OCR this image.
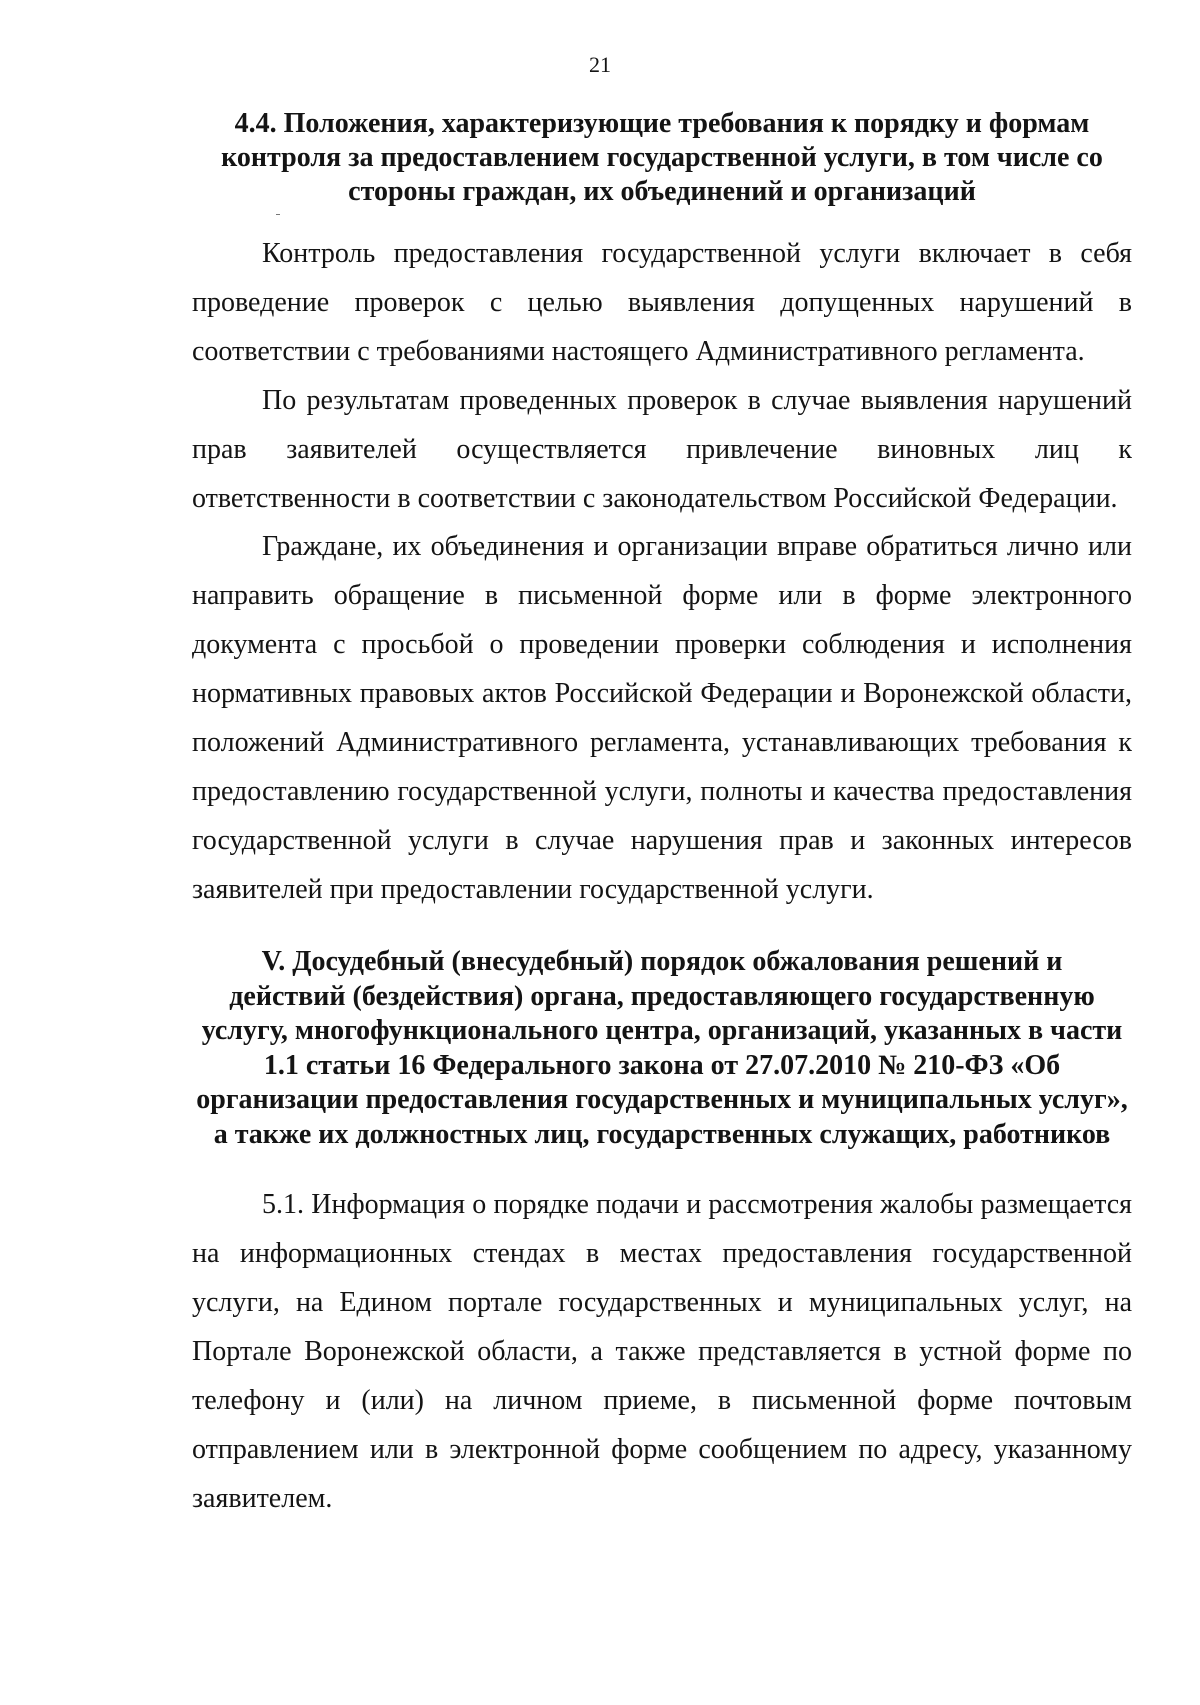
21
4.4. Положения, характеризующие требования к порядку и формам
контроля за предоставлением государственной услуги, в том числе со
стороны граждан, их объединений и организаций

Контроль предоставления государственной услуги включает в себя проведение проверок с целью выявления допущенных нарушений в соответствии с требованиями настоящего Административного регламента.

По результатам проведенных проверок в случае выявления нарушений прав заявителей осуществляется привлечение виновных лиц к ответственности в соответствии с законодательством Российской Федерации.

Граждане, их объединения и организации вправе обратиться лично или направить обращение в письменной форме или в форме электронного документа с просьбой о проведении проверки соблюдения и исполнения нормативных правовых актов Российской Федерации и Воронежской области, положений Административного регламента, устанавливающих требования к предоставлению государственной услуги, полноты и качества предоставления государственной услуги в случае нарушения прав и законных интересов заявителей при предоставлении государственной услуги.

V. Досудебный (внесудебный) порядок обжалования решений и
действий (бездействия) органа, предоставляющего государственную
услугу, многофункционального центра, организаций, указанных в части
1.1 статьи 16 Федерального закона от 27.07.2010 № 210-ФЗ «Об
организации предоставления государственных и муниципальных услуг»,
а также их должностных лиц, государственных служащих, работников

5.1. Информация о порядке подачи и рассмотрения жалобы размещается на информационных стендах в местах предоставления государственной услуги, на Едином портале государственных и муниципальных услуг, на Портале Воронежской области, а также представляется в устной форме по телефону и (или) на личном приеме, в письменной форме почтовым отправлением или в электронной форме сообщением по адресу, указанному заявителем.
